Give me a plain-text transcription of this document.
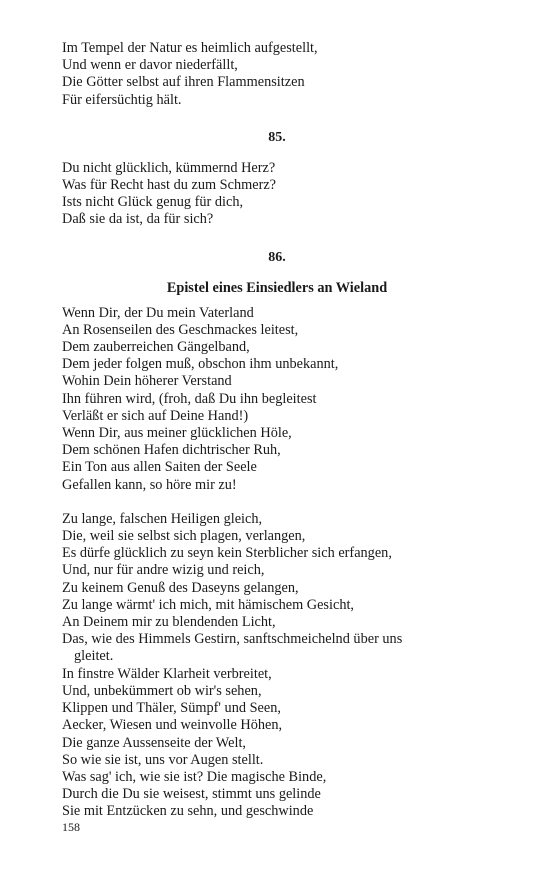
Im Tempel der Natur es heimlich aufgestellt,
Und wenn er davor niederfällt,
Die Götter selbst auf ihren Flammensitzen
Für eifersüchtig hält.
85.
Du nicht glücklich, kümmernd Herz?
Was für Recht hast du zum Schmerz?
Ists nicht Glück genug für dich,
Daß sie da ist, da für sich?
86.
Epistel eines Einsiedlers an Wieland
Wenn Dir, der Du mein Vaterland
An Rosenseilen des Geschmackes leitest,
Dem zauberreichen Gängelband,
Dem jeder folgen muß, obschon ihm unbekannt,
Wohin Dein höherer Verstand
Ihn führen wird, (froh, daß Du ihn begleitest
Verläßt er sich auf Deine Hand!)
Wenn Dir, aus meiner glücklichen Höle,
Dem schönen Hafen dichtrischer Ruh,
Ein Ton aus allen Saiten der Seele
Gefallen kann, so höre mir zu!
Zu lange, falschen Heiligen gleich,
Die, weil sie selbst sich plagen, verlangen,
Es dürfe glücklich zu seyn kein Sterblicher sich erfangen,
Und, nur für andre wizig und reich,
Zu keinem Genuß des Daseyns gelangen,
Zu lange wärmt' ich mich, mit hämischem Gesicht,
An Deinem mir zu blendenden Licht,
Das, wie des Himmels Gestirn, sanftschmeichelnd über uns
gleitet.
In finstre Wälder Klarheit verbreitet,
Und, unbekümmert ob wir's sehen,
Klippen und Thäler, Sümpf' und Seen,
Aecker, Wiesen und weinvolle Höhen,
Die ganze Aussenseite der Welt,
So wie sie ist, uns vor Augen stellt.
Was sag' ich, wie sie ist? Die magische Binde,
Durch die Du sie weisest, stimmt uns gelinde
Sie mit Entzücken zu sehn, und geschwinde
158
